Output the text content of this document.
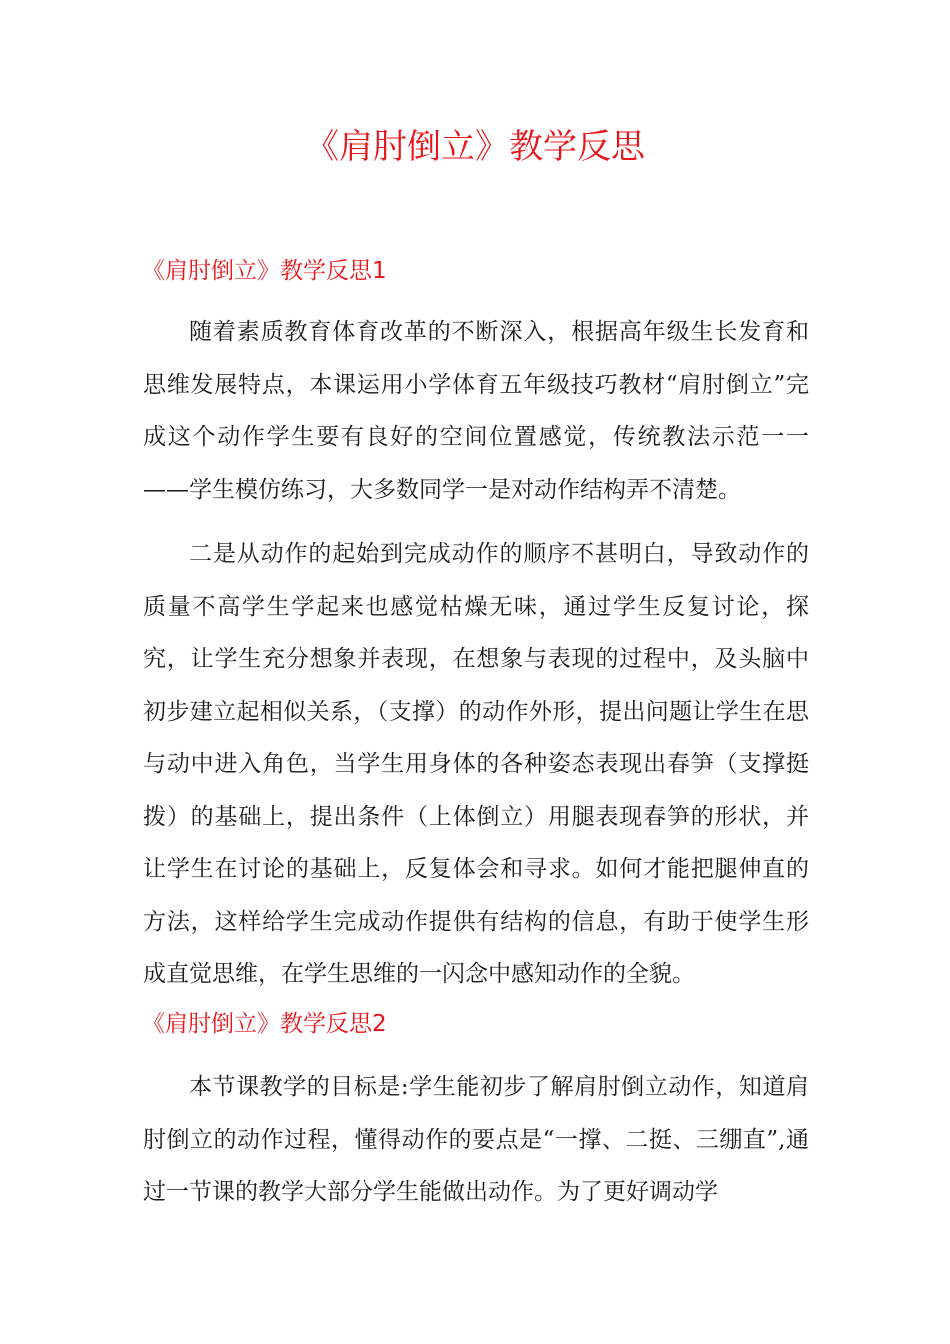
《肩肘倒立》教学反思
《肩肘倒立》教学反思1

随着素质教育体育改革的不断深入，根据高年级生长发育和思维发展特点，本课运用小学体育五年级技巧教材“肩肘倒立”完成这个动作学生要有良好的空间位置感觉，传统教法示范一一——学生模仿练习，大多数同学一是对动作结构弄不清楚。

二是从动作的起始到完成动作的顺序不甚明白，导致动作的质量不高学生学起来也感觉枯燥无味，通过学生反复讨论，探究，让学生充分想象并表现，在想象与表现的过程中，及头脑中初步建立起相似关系，（支撑）的动作外形，提出问题让学生在思与动中进入角色，当学生用身体的各种姿态表现出春笋（支撑挺拨）的基础上，提出条件（上体倒立）用腿表现春笋的形状，并让学生在讨论的基础上，反复体会和寻求。如何才能把腿伸直的方法，这样给学生完成动作提供有结构的信息，有助于使学生形成直觉思维，在学生思维的一闪念中感知动作的全貌。

《肩肘倒立》教学反思2

本节课教学的目标是:学生能初步了解肩肘倒立动作，知道肩肘倒立的动作过程，懂得动作的要点是“一撑、二挺、三绷直”,通过一节课的教学大部分学生能做出动作。为了更好调动学
